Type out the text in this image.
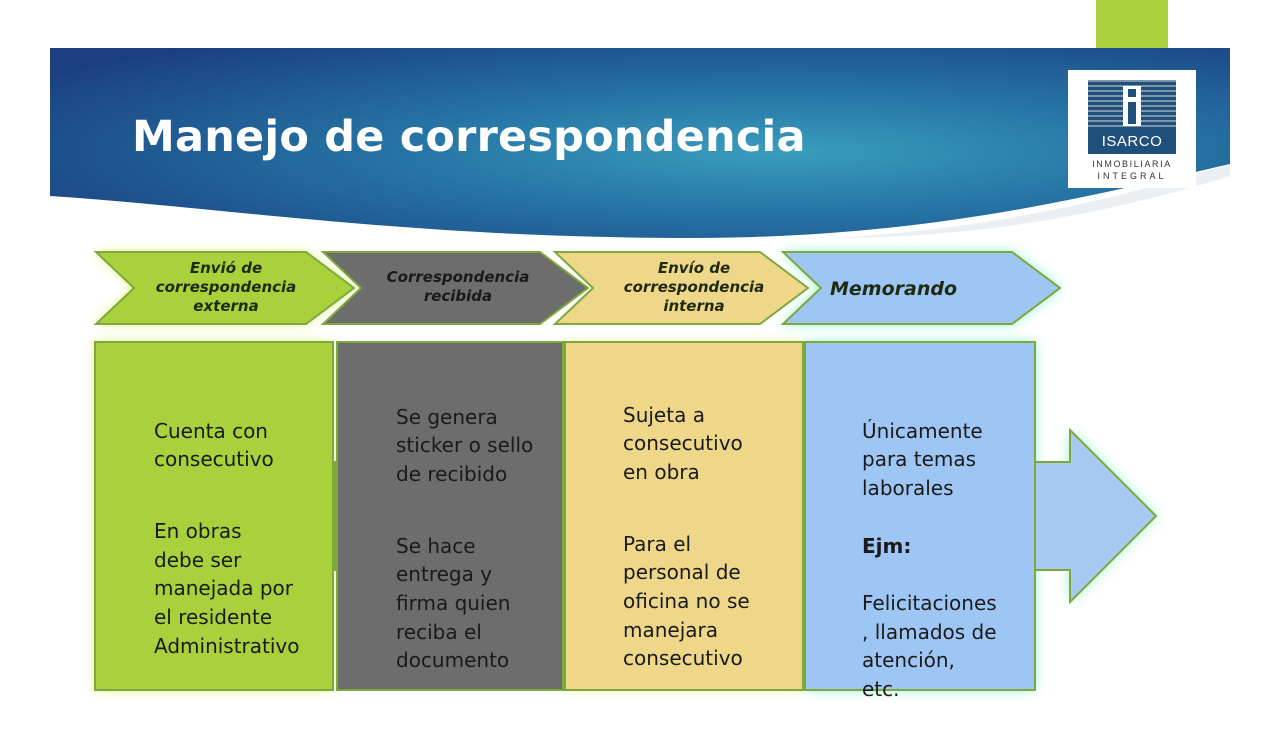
Manejo de correspondencia	ISARCO
INMOBILIARIA
INTEGRAL
Envió de
correspondencia
externa
Correspondencia
recibida
Envío de
correspondencia
interna
Memorando

Cuenta con
consecutivo

En obras
debe ser
manejada por
el residente
Administrativo

Se genera
sticker o sello
de recibido

Se hace
entrega y
firma quien
reciba el
documento

Sujeta a
consecutivo
en obra

Para el
personal de
oficina no se
manejara
consecutivo

Únicamente
para temas
laborales

Ejm:

Felicitaciones
, llamados de
atención,
etc.
